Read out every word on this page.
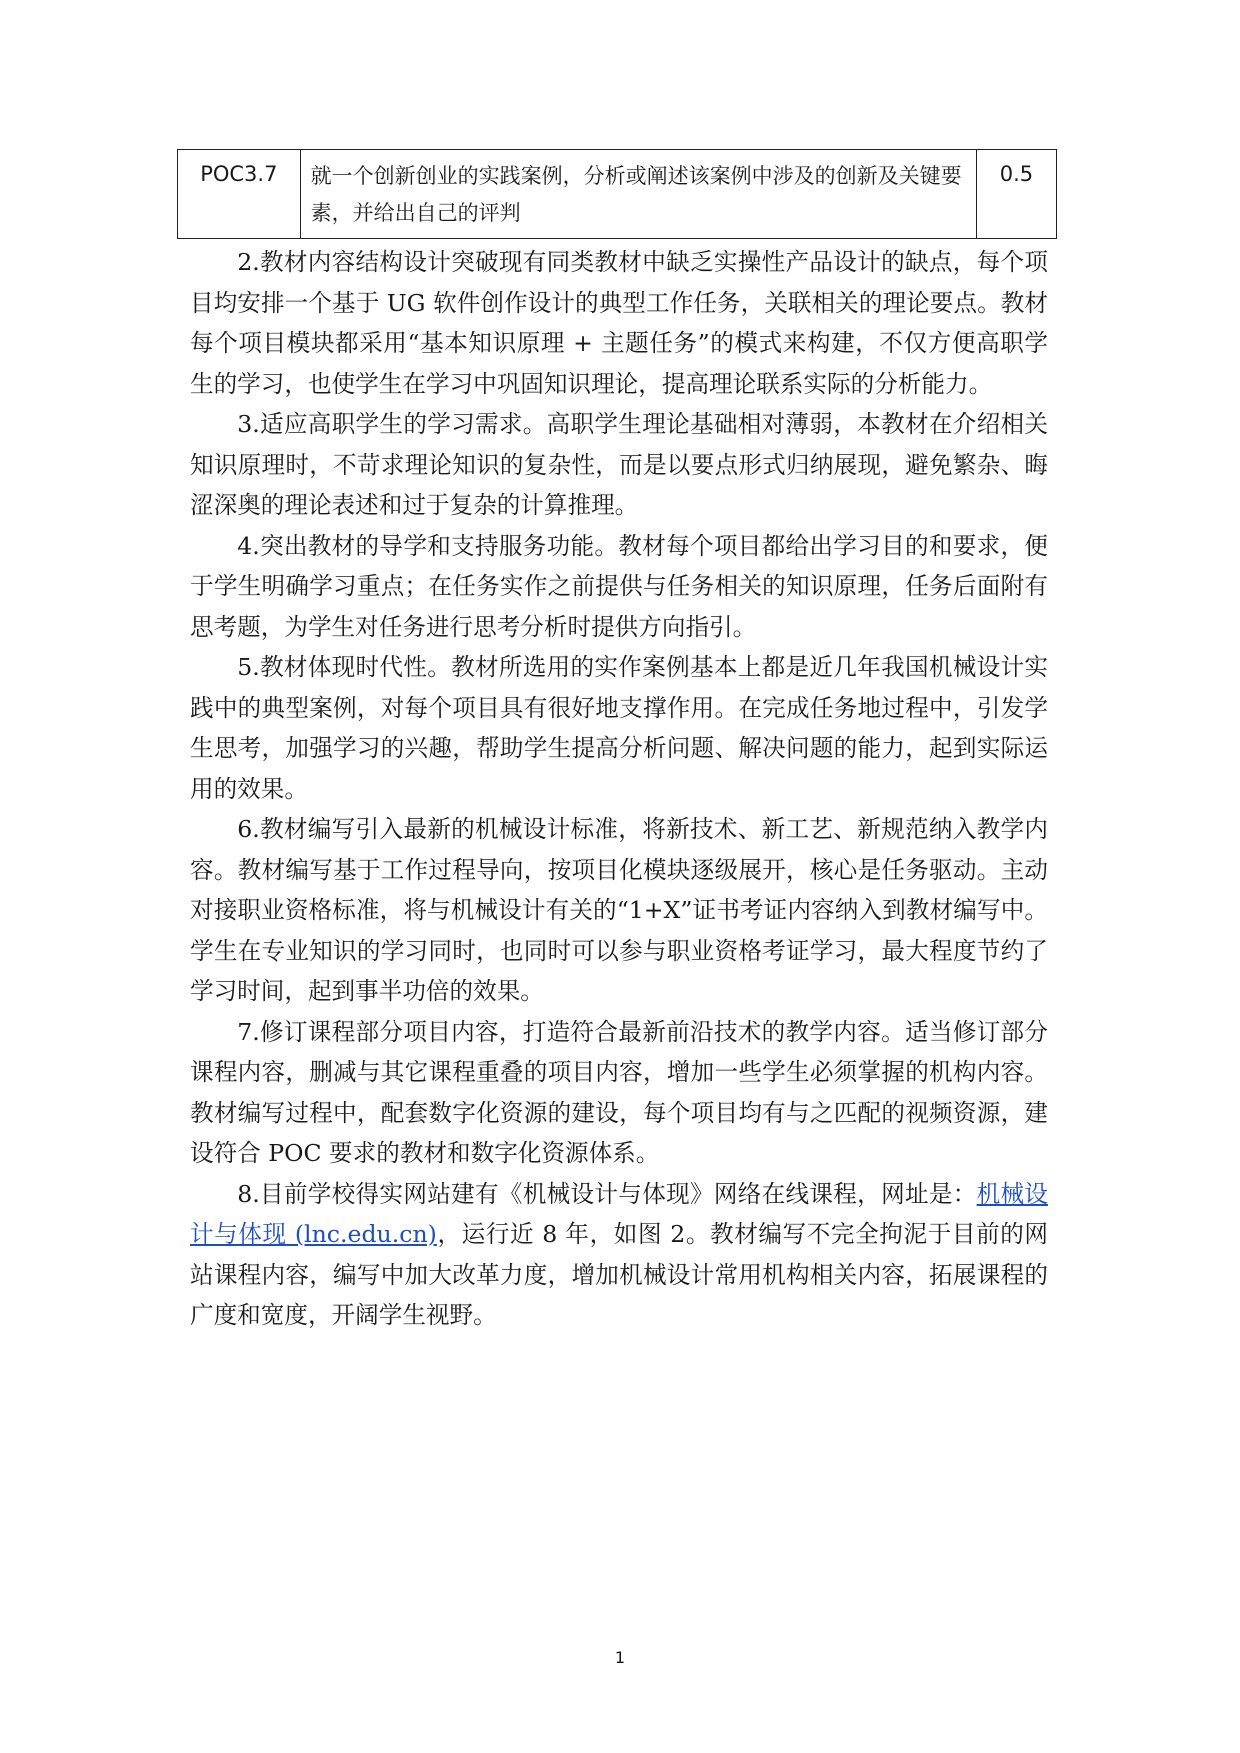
POC3.7	就一个创新创业的实践案例，分析或阐述该案例中涉及的创新及关键要素，并给出自己的评判	0.5

2.教材内容结构设计突破现有同类教材中缺乏实操性产品设计的缺点，每个项目均安排一个基于 UG 软件创作设计的典型工作任务，关联相关的理论要点。教材每个项目模块都采用“基本知识原理 + 主题任务”的模式来构建，不仅方便高职学生的学习，也使学生在学习中巩固知识理论，提高理论联系实际的分析能力。

3.适应高职学生的学习需求。高职学生理论基础相对薄弱，本教材在介绍相关知识原理时，不苛求理论知识的复杂性，而是以要点形式归纳展现，避免繁杂、晦涩深奥的理论表述和过于复杂的计算推理。

4.突出教材的导学和支持服务功能。教材每个项目都给出学习目的和要求，便于学生明确学习重点；在任务实作之前提供与任务相关的知识原理，任务后面附有思考题，为学生对任务进行思考分析时提供方向指引。

5.教材体现时代性。教材所选用的实作案例基本上都是近几年我国机械设计实践中的典型案例，对每个项目具有很好地支撑作用。在完成任务地过程中，引发学生思考，加强学习的兴趣，帮助学生提高分析问题、解决问题的能力，起到实际运用的效果。

6.教材编写引入最新的机械设计标准，将新技术、新工艺、新规范纳入教学内容。教材编写基于工作过程导向，按项目化模块逐级展开，核心是任务驱动。主动对接职业资格标准，将与机械设计有关的“1+X”证书考证内容纳入到教材编写中。学生在专业知识的学习同时，也同时可以参与职业资格考证学习，最大程度节约了学习时间，起到事半功倍的效果。

7.修订课程部分项目内容，打造符合最新前沿技术的教学内容。适当修订部分课程内容，删减与其它课程重叠的项目内容，增加一些学生必须掌握的机构内容。教材编写过程中，配套数字化资源的建设，每个项目均有与之匹配的视频资源，建设符合 POC 要求的教材和数字化资源体系。

8.目前学校得实网站建有《机械设计与体现》网络在线课程，网址是：机械设计与体现 (lnc.edu.cn)，运行近 8 年，如图 2。教材编写不完全拘泥于目前的网站课程内容，编写中加大改革力度，增加机械设计常用机构相关内容，拓展课程的广度和宽度，开阔学生视野。

1
